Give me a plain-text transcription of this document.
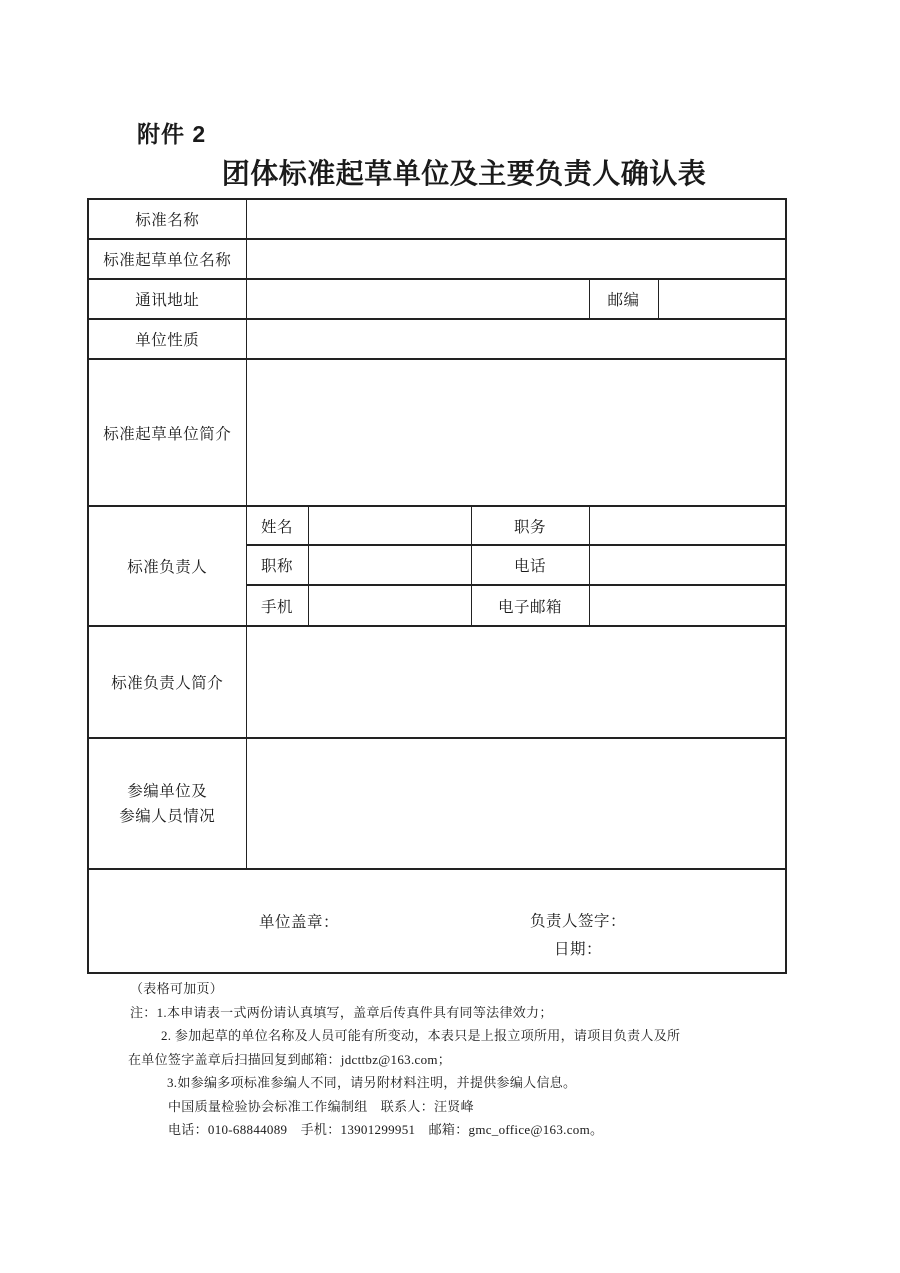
附件 2
团体标准起草单位及主要负责人确认表
标准名称					
标准起草单位名称					
通讯地址				邮编	
单位性质					
标准起草单位简介					
标准负责人	姓名		职务		
	职称		电话		
	手机		电子邮箱		
标准负责人简介					
参编单位及
参编人员情况					

单位盖章： 负责人签字：
日期：					
（表格可加页）
注：1.本申请表一式两份请认真填写，盖章后传真件具有同等法律效力；
2. 参加起草的单位名称及人员可能有所变动，本表只是上报立项所用，请项目负责人及所
在单位签字盖章后扫描回复到邮箱：jdcttbz@163.com；
3.如参编多项标准参编人不同，请另附材料注明，并提供参编人信息。
中国质量检验协会标准工作编制组　联系人：汪贤峰
电话：010-68844089　手机：13901299951　邮箱：gmc_office@163.com。
